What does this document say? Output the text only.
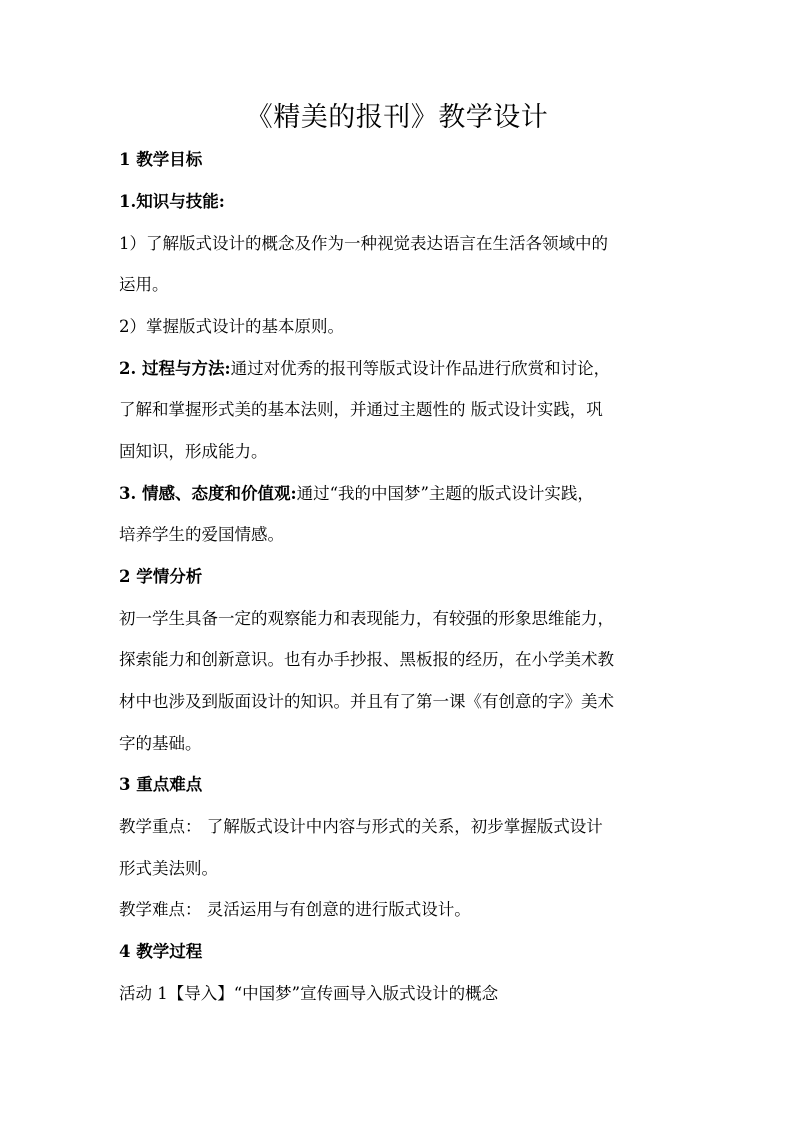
《精美的报刊》教学设计
1 教学目标
1.知识与技能:
1）了解版式设计的概念及作为一种视觉表达语言在生活各领域中的
运用。
2）掌握版式设计的基本原则。
2. 过程与方法:通过对优秀的报刊等版式设计作品进行欣赏和讨论，
了解和掌握形式美的基本法则，并通过主题性的 版式设计实践，巩
固知识，形成能力。
3. 情感、态度和价值观:通过“我的中国梦”主题的版式设计实践，
培养学生的爱国情感。
2 学情分析
初一学生具备一定的观察能力和表现能力，有较强的形象思维能力，
探索能力和创新意识。也有办手抄报、黑板报的经历，在小学美术教
材中也涉及到版面设计的知识。并且有了第一课《有创意的字》美术
字的基础。
3 重点难点
教学重点： 了解版式设计中内容与形式的关系，初步掌握版式设计
形式美法则。
教学难点： 灵活运用与有创意的进行版式设计。
4 教学过程
活动 1【导入】“中国梦”宣传画导入版式设计的概念
